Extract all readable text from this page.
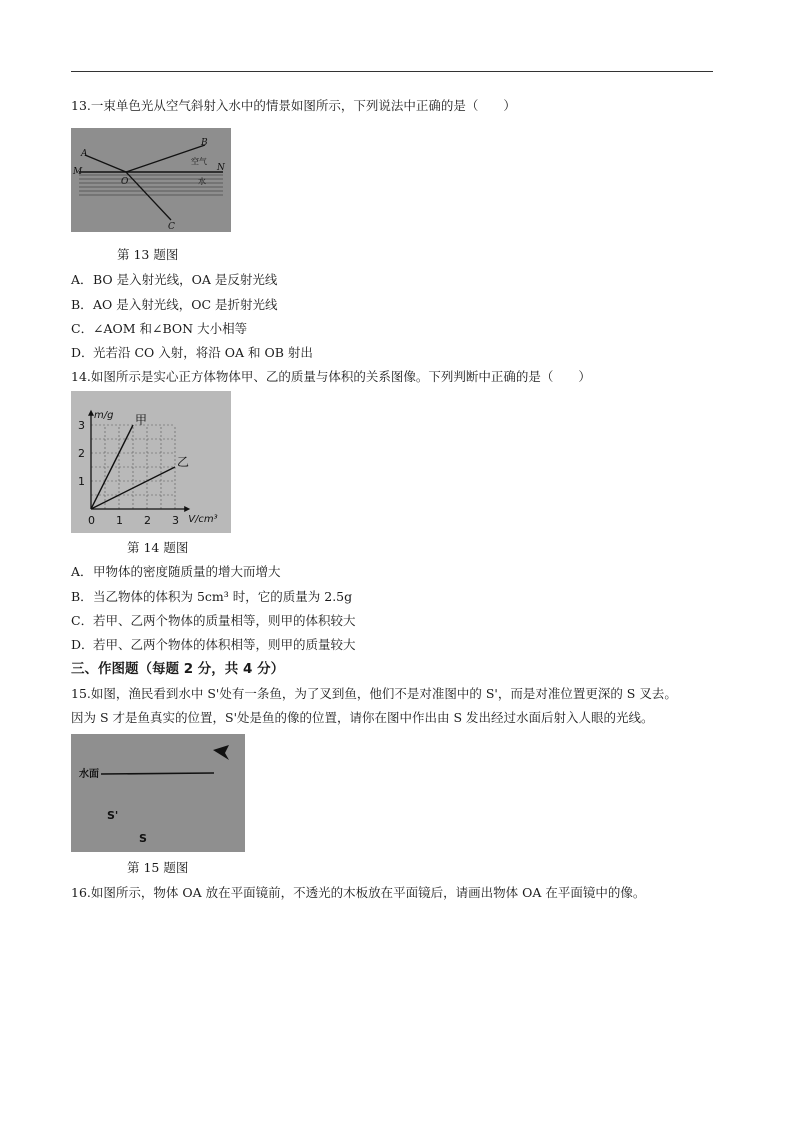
13.一束单色光从空气斜射入水中的情景如图所示，下列说法中正确的是（　　）
A
B
M	N
O
C
空气
水
第 13 题图
A．BO 是入射光线，OA 是反射光线
B．AO 是入射光线，OC 是折射光线
C．∠AOM 和∠BON 大小相等
D．光若沿 CO 入射，将沿 OA 和 OB 射出
14.如图所示是实心正方体物体甲、乙的质量与体积的关系图像。下列判断中正确的是（　　）
0 1 2 3
1
2
3
m/g
V/cm³
甲
乙
第 14 题图
A．甲物体的密度随质量的增大而增大
B．当乙物体的体积为 5cm³ 时，它的质量为 2.5g
C．若甲、乙两个物体的质量相等，则甲的体积较大
D．若甲、乙两个物体的体积相等，则甲的质量较大
三、作图题（每题 2 分，共 4 分）
15.如图，渔民看到水中 S'处有一条鱼，为了叉到鱼，他们不是对准图中的 S'，而是对准位置更深的 S 叉去。
因为 S 才是鱼真实的位置，S'处是鱼的像的位置，请你在图中作出由 S 发出经过水面后射入人眼的光线。
水面
S'
S
第 15 题图
16.如图所示，物体 OA 放在平面镜前，不透光的木板放在平面镜后，请画出物体 OA 在平面镜中的像。
